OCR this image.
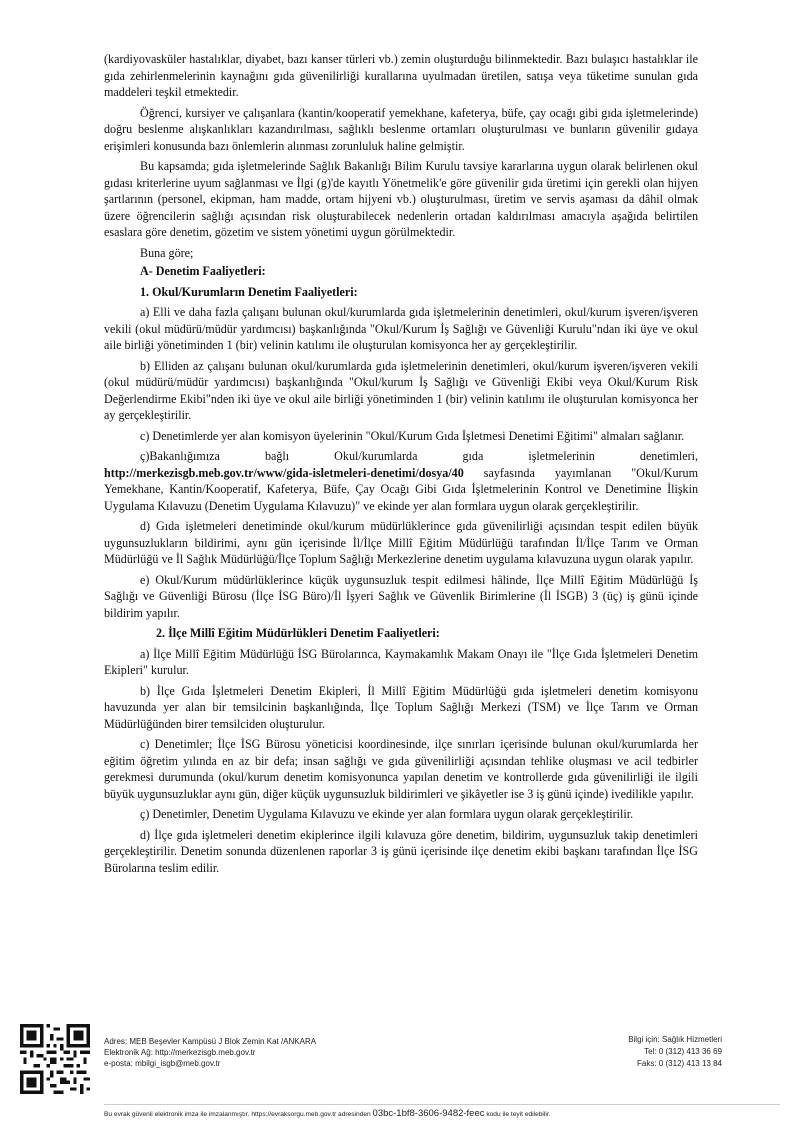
(kardiyovasküler hastalıklar, diyabet, bazı kanser türleri vb.) zemin oluşturduğu bilinmektedir. Bazı bulaşıcı hastalıklar ile gıda zehirlenmelerinin kaynağını gıda güvenilirliği kurallarına uyulmadan üretilen, satışa veya tüketime sunulan gıda maddeleri teşkil etmektedir.

Öğrenci, kursiyer ve çalışanlara (kantin/kooperatif yemekhane, kafeterya, büfe, çay ocağı gibi gıda işletmelerinde) doğru beslenme alışkanlıkları kazandırılması, sağlıklı beslenme ortamları oluşturulması ve bunların güvenilir gıdaya erişimleri konusunda bazı önlemlerin alınması zorunluluk haline gelmiştir.

Bu kapsamda; gıda işletmelerinde Sağlık Bakanlığı Bilim Kurulu tavsiye kararlarına uygun olarak belirlenen okul gıdası kriterlerine uyum sağlanması ve İlgi (g)'de kayıtlı Yönetmelik'e göre güvenilir gıda üretimi için gerekli olan hijyen şartlarının (personel, ekipman, ham madde, ortam hijyeni vb.) oluşturulması, üretim ve servis aşaması da dâhil olmak üzere öğrencilerin sağlığı açısından risk oluşturabilecek nedenlerin ortadan kaldırılması amacıyla aşağıda belirtilen esaslara göre denetim, gözetim ve sistem yönetimi uygun görülmektedir.

Buna göre;

A- Denetim Faaliyetleri:
1. Okul/Kurumların Denetim Faaliyetleri:

a) Elli ve daha fazla çalışanı bulunan okul/kurumlarda gıda işletmelerinin denetimleri, okul/kurum işveren/işveren vekili (okul müdürü/müdür yardımcısı) başkanlığında "Okul/Kurum İş Sağlığı ve Güvenliği Kurulu"ndan iki üye ve okul aile birliği yönetiminden 1 (bir) velinin katılımı ile oluşturulan komisyonca her ay gerçekleştirilir.

b) Elliden az çalışanı bulunan okul/kurumlarda gıda işletmelerinin denetimleri, okul/kurum işveren/işveren vekili (okul müdürü/müdür yardımcısı) başkanlığında "Okul/kurum İş Sağlığı ve Güvenliği Ekibi veya Okul/Kurum Risk Değerlendirme Ekibi"nden iki üye ve okul aile birliği yönetiminden 1 (bir) velinin katılımı ile oluşturulan komisyonca her ay gerçekleştirilir.

c) Denetimlerde yer alan komisyon üyelerinin "Okul/Kurum Gıda İşletmesi Denetimi Eğitimi" almaları sağlanır.

ç)Bakanlığımıza bağlı Okul/kurumlarda gıda işletmelerinin denetimleri, http://merkezisgb.meb.gov.tr/www/gida-isletmeleri-denetimi/dosya/40 sayfasında yayımlanan "Okul/Kurum Yemekhane, Kantin/Kooperatif, Kafeterya, Büfe, Çay Ocağı Gibi Gıda İşletmelerinin Kontrol ve Denetimine İlişkin Uygulama Kılavuzu (Denetim Uygulama Kılavuzu)" ve ekinde yer alan formlara uygun olarak gerçekleştirilir.

d) Gıda işletmeleri denetiminde okul/kurum müdürlüklerince gıda güvenilirliği açısından tespit edilen büyük uygunsuzlukların bildirimi, aynı gün içerisinde İl/İlçe Millî Eğitim Müdürlüğü tarafından İl/İlçe Tarım ve Orman Müdürlüğü ve İl Sağlık Müdürlüğü/İlçe Toplum Sağlığı Merkezlerine denetim uygulama kılavuzuna uygun olarak yapılır.

e) Okul/Kurum müdürlüklerince küçük uygunsuzluk tespit edilmesi hâlinde, İlçe Millî Eğitim Müdürlüğü İş Sağlığı ve Güvenliği Bürosu (İlçe İSG Büro)/İl İşyeri Sağlık ve Güvenlik Birimlerine (İl İSGB) 3 (üç) iş günü içinde bildirim yapılır.

2. İlçe Millî Eğitim Müdürlükleri Denetim Faaliyetleri:

a) İlçe Millî Eğitim Müdürlüğü İSG Bürolarınca, Kaymakamlık Makam Onayı ile "İlçe Gıda İşletmeleri Denetim Ekipleri" kurulur.

b) İlçe Gıda İşletmeleri Denetim Ekipleri, İl Millî Eğitim Müdürlüğü gıda işletmeleri denetim komisyonu havuzunda yer alan bir temsilcinin başkanlığında, İlçe Toplum Sağlığı Merkezi (TSM) ve İlçe Tarım ve Orman Müdürlüğünden birer temsilciden oluşturulur.

c) Denetimler; İlçe İSG Bürosu yöneticisi koordinesinde, ilçe sınırları içerisinde bulunan okul/kurumlarda her eğitim öğretim yılında en az bir defa; insan sağlığı ve gıda güvenilirliği açısından tehlike oluşması ve acil tedbirler gerekmesi durumunda (okul/kurum denetim komisyonunca yapılan denetim ve kontrollerde gıda güvenilirliği ile ilgili büyük uygunsuzluklar aynı gün, diğer küçük uygunsuzluk bildirimleri ve şikâyetler ise 3 iş günü içinde) ivedilikle yapılır.

ç) Denetimler, Denetim Uygulama Kılavuzu ve ekinde yer alan formlara uygun olarak gerçekleştirilir.

d) İlçe gıda işletmeleri denetim ekiplerince ilgili kılavuza göre denetim, bildirim, uygunsuzluk takip denetimleri gerçekleştirilir. Denetim sonunda düzenlenen raporlar 3 iş günü içerisinde ilçe denetim ekibi başkanı tarafından İlçe İSG Bürolarına teslim edilir.

Adres: MEB Beşevler Kampüsü J Blok Zemin Kat /ANKARA
Elektronik Ağ: http://merkezisgb.meb.gov.tr
e-posta: mbilgi_isgb@meb.gov.tr
Bilgi için: Sağlık Hizmetleri
Tel: 0 (312) 413 36 69
Faks: 0 (312) 413 13 84
Bu evrak güvenli elektronik imza ile imzalanmıştır. https://evraksorgu.meb.gov.tr adresinden 03bc-1bf8-3606-9482-feec kodu ile teyit edilebilir.
